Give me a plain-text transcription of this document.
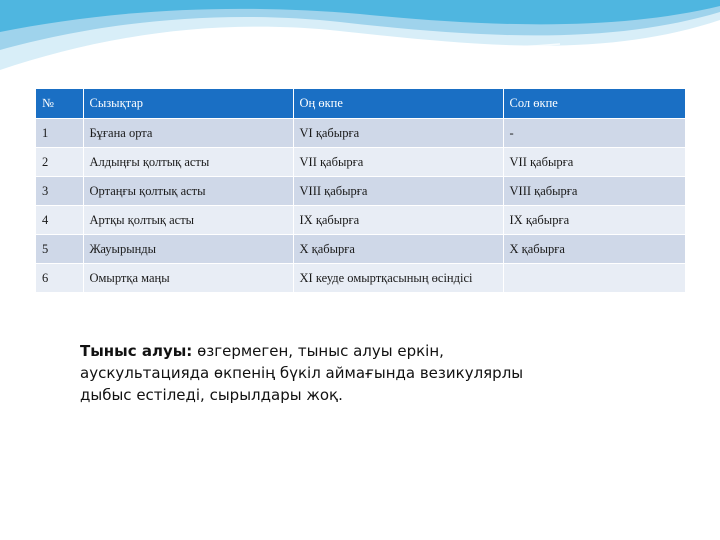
№	Сызықтар	Оң өкпе	Сол өкпе
1	Бұғана орта	VI қабырға	-
2	Алдыңғы қолтық асты	VII қабырға	VII қабырға
3	Ортаңғы қолтық асты	VIII қабырға	VIII қабырға
4	Артқы қолтық асты	IX қабырға	IX қабырға
5	Жауырынды	X қабырға	X қабырға
6	Омыртқа маңы	XI кеуде омыртқасының өсіндісі	
Тыныс алуы: өзгермеген, тыныс алуы еркін, аускультацияда өкпенің бүкіл аймағында везикулярлы дыбыс естіледі, сырылдары жоқ.
